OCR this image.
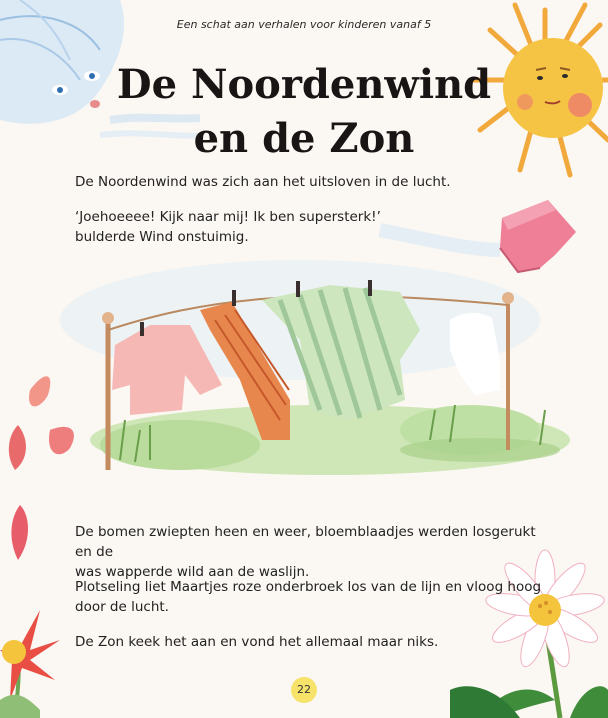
Een schat aan verhalen voor kinderen vanaf 5
De Noordenwind
en de Zon

De Noordenwind was zich aan het uitsloven in de lucht.

‘Joehoeeee! Kijk naar mij! Ik ben supersterk!’
bulderde Wind onstuimig.

De bomen zwiepten heen en weer, bloemblaadjes werden losgerukt en de
was wapperde wild aan de waslijn.

Plotseling liet Maartjes roze onderbroek los van de lijn en vloog hoog
door de lucht.

De Zon keek het aan en vond het allemaal maar niks.

22
